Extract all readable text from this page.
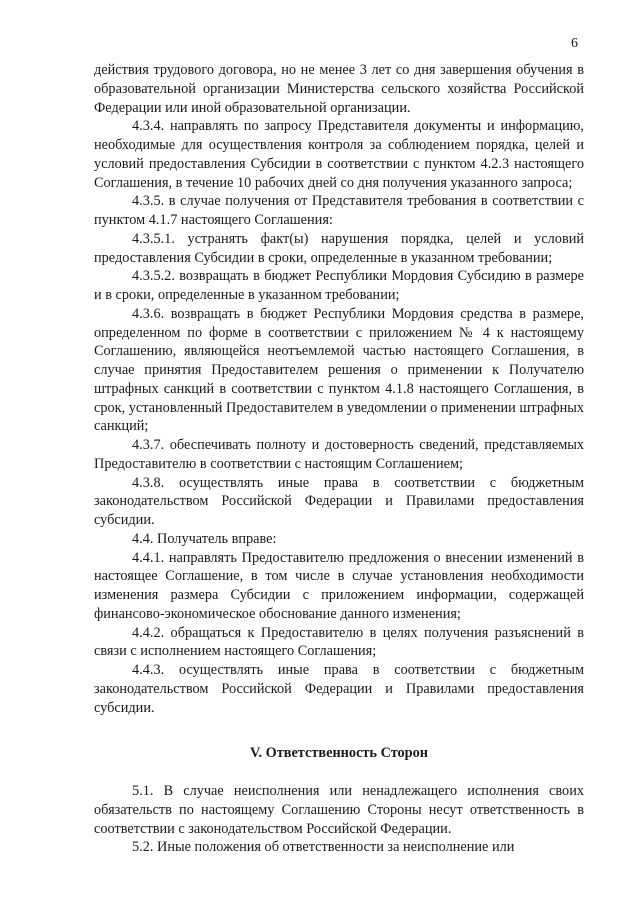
6

действия трудового договора, но не менее 3 лет со дня завершения обучения в образовательной организации Министерства сельского хозяйства Российской Федерации или иной образовательной организации.

4.3.4. направлять по запросу Представителя документы и информацию, необходимые для осуществления контроля за соблюдением порядка, целей и условий предоставления Субсидии в соответствии с пунктом 4.2.3 настоящего Соглашения, в течение 10 рабочих дней со дня получения указанного запроса;

4.3.5. в случае получения от Представителя требования в соответствии с пунктом 4.1.7 настоящего Соглашения:

4.3.5.1. устранять факт(ы) нарушения порядка, целей и условий предоставления Субсидии в сроки, определенные в указанном требовании;

4.3.5.2. возвращать в бюджет Республики Мордовия Субсидию в размере и в сроки, определенные в указанном требовании;

4.3.6. возвращать в бюджет Республики Мордовия средства в размере, определенном по форме в соответствии с приложением № 4 к настоящему Соглашению, являющейся неотъемлемой частью настоящего Соглашения, в случае принятия Предоставителем решения о применении к Получателю штрафных санкций в соответствии с пунктом 4.1.8 настоящего Соглашения, в срок, установленный Предоставителем в уведомлении о применении штрафных санкций;

4.3.7. обеспечивать полноту и достоверность сведений, представляемых Предоставителю в соответствии с настоящим Соглашением;

4.3.8. осуществлять иные права в соответствии с бюджетным законодательством Российской Федерации и Правилами предоставления субсидии.

4.4. Получатель вправе:

4.4.1. направлять Предоставителю предложения о внесении изменений в настоящее Соглашение, в том числе в случае установления необходимости изменения размера Субсидии с приложением информации, содержащей финансово-экономическое обоснование данного изменения;

4.4.2. обращаться к Предоставителю в целях получения разъяснений в связи с исполнением настоящего Соглашения;

4.4.3. осуществлять иные права в соответствии с бюджетным законодательством Российской Федерации и Правилами предоставления субсидии.

V. Ответственность Сторон

5.1. В случае неисполнения или ненадлежащего исполнения своих обязательств по настоящему Соглашению Стороны несут ответственность в соответствии с законодательством Российской Федерации.

5.2. Иные положения об ответственности за неисполнение или
